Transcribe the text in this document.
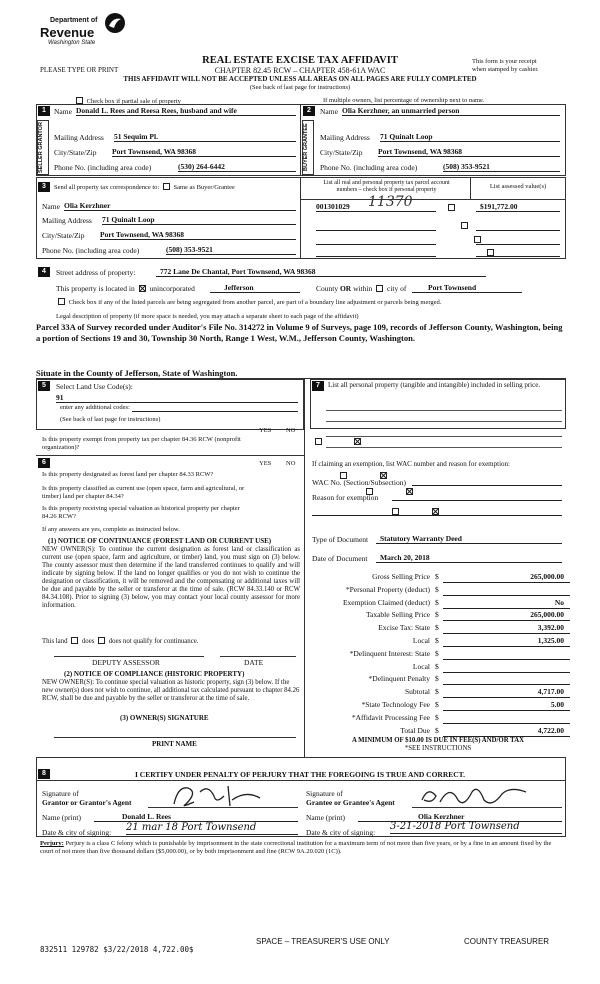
Department of
Revenue
Washington State
PLEASE TYPE OR PRINT
REAL ESTATE EXCISE TAX AFFIDAVIT
CHAPTER 82.45 RCW – CHAPTER 458-61A WAC
This form is your receipt
when stamped by cashier.
THIS AFFIDAVIT WILL NOT BE ACCEPTED UNLESS ALL AREAS ON ALL PAGES ARE FULLY COMPLETED
(See back of last page for instructions)
Check box if partial sale of property	If multiple owners, list percentage of ownership next to name.
1	2
SELLER GRANTOR	BUYER GRANTEE
Name Donald L. Rees and Reesa Rees, husband and wife
Mailing Address 51 Sequim Pl.
City/State/Zip Port Townsend, WA 98368
Phone No. (including area code)	(530) 264-6442
Name Olia Kerzhner, an unmarried person
Mailing Address 71 Quinalt Loop
City/State/Zip Port Townsend, WA 98368
Phone No. (including area code)	(508) 353-9521
3	Send all property tax correspondence to: Same as Buyer/Grantee
Name Olia Kerzhner
Mailing Address 71 Quinalt Loop
City/State/Zip Port Townsend, WA 98368
Phone No. (including area code)	(508) 353-9521
List all real and personal property tax parcel account
numbers – check box if personal property	List assessed value(s)
001301029	11370
	$191,772.00

4	Street address of property:	772 Lane De Chantal, Port Townsend, WA 98368
This property is located in unincorporated	Jefferson	County OR within city of	Port Townsend
Check box if any of the listed parcels are being segregated from another parcel, are part of a boundary line adjustment or parcels being merged.
Legal description of property (if more space is needed, you may attach a separate sheet to each page of the affidavit)
Parcel 33A of Survey recorded under Auditor's File No. 314272 in Volume 9 of Surveys, page 109, records of Jefferson County, Washington, being a portion of Sections 19 and 30, Township 30 North, Range 1 West, W.M., Jefferson County, Washington.
Situate in the County of Jefferson, State of Washington.
5	Select Land Use Code(s):
91
enter any additional codes:
(See back of last page for instructions)
YES NO
Is this property exempt from property tax per chapter 84.36 RCW (nonprofit organization)?

7	List all personal property (tangible and intangible) included in selling price.
6	YES NO
Is this property designated as forest land per chapter 84.33 RCW?

Is this property classified as current use (open space, farm and agricultural, or timber) land per chapter 84.34?

Is this property receiving special valuation as historical property per chapter 84.26 RCW?

If any answers are yes, complete as instructed below.
(1) NOTICE OF CONTINUANCE (FOREST LAND OR CURRENT USE)
NEW OWNER(S): To continue the current designation as forest land or classification as current use (open space, farm and agriculture, or timber) land, you must sign on (3) below. The county assessor must then determine if the land transferred continues to qualify and will indicate by signing below. If the land no longer qualifies or you do not wish to continue the designation or classification, it will be removed and the compensating or additional taxes will be due and payable by the seller or transferor at the time of sale. (RCW 84.33.140 or RCW 84.34.108). Prior to signing (3) below, you may contact your local county assessor for more information.
This land does does not qualify for continuance.
DEPUTY ASSESSOR	DATE
(2) NOTICE OF COMPLIANCE (HISTORIC PROPERTY)
NEW OWNER(S): To continue special valuation as historic property, sign (3) below. If the new owner(s) does not wish to continue, all additional tax calculated pursuant to chapter 84.26 RCW, shall be due and payable by the seller or transferor at the time of sale.
(3) OWNER(S) SIGNATURE
PRINT NAME
If claiming an exemption, list WAC number and reason for exemption:
WAC No. (Section/Subsection)
Reason for exemption
Type of Document	Statutory Warranty Deed
Date of Document	March 20, 2018
Gross Selling Price $	265,000.00
*Personal Property (deduct) $
Exemption Claimed (deduct) $	No
Taxable Selling Price $	265,000.00
Excise Tax: State $	3,392.00
Local $	1,325.00
*Delinquent Interest: State $
Local $
*Delinquent Penalty $
Subtotal $	4,717.00
*State Technology Fee $	5.00
*Affidavit Processing Fee $
Total Due $	4,722.00
A MINIMUM OF $10.00 IS DUE IN FEE(S) AND/OR TAX
*SEE INSTRUCTIONS
8	I CERTIFY UNDER PENALTY OF PERJURY THAT THE FOREGOING IS TRUE AND CORRECT.
Signature of
Grantor or Grantor's Agent
Name (print)	Donald L. Rees
Date & city of signing: 21 mar 18 Port Townsend
Signature of
Grantee or Grantee's Agent
Name (print)	Olia Kerzhner
Date & city of signing:
3-21-2018 Port Townsend
Perjury: Perjury is a class C felony which is punishable by imprisonment in the state correctional institution for a maximum term of not more than five years, or by a fine in an amount fixed by the court of not more than five thousand dollars ($5,000.00), or by both imprisonment and fine (RCW 9A.20.020 (1C)).
832511 129782 $3/22/2018 4,722.00$
SPACE – TREASURER'S USE ONLY	COUNTY TREASURER
